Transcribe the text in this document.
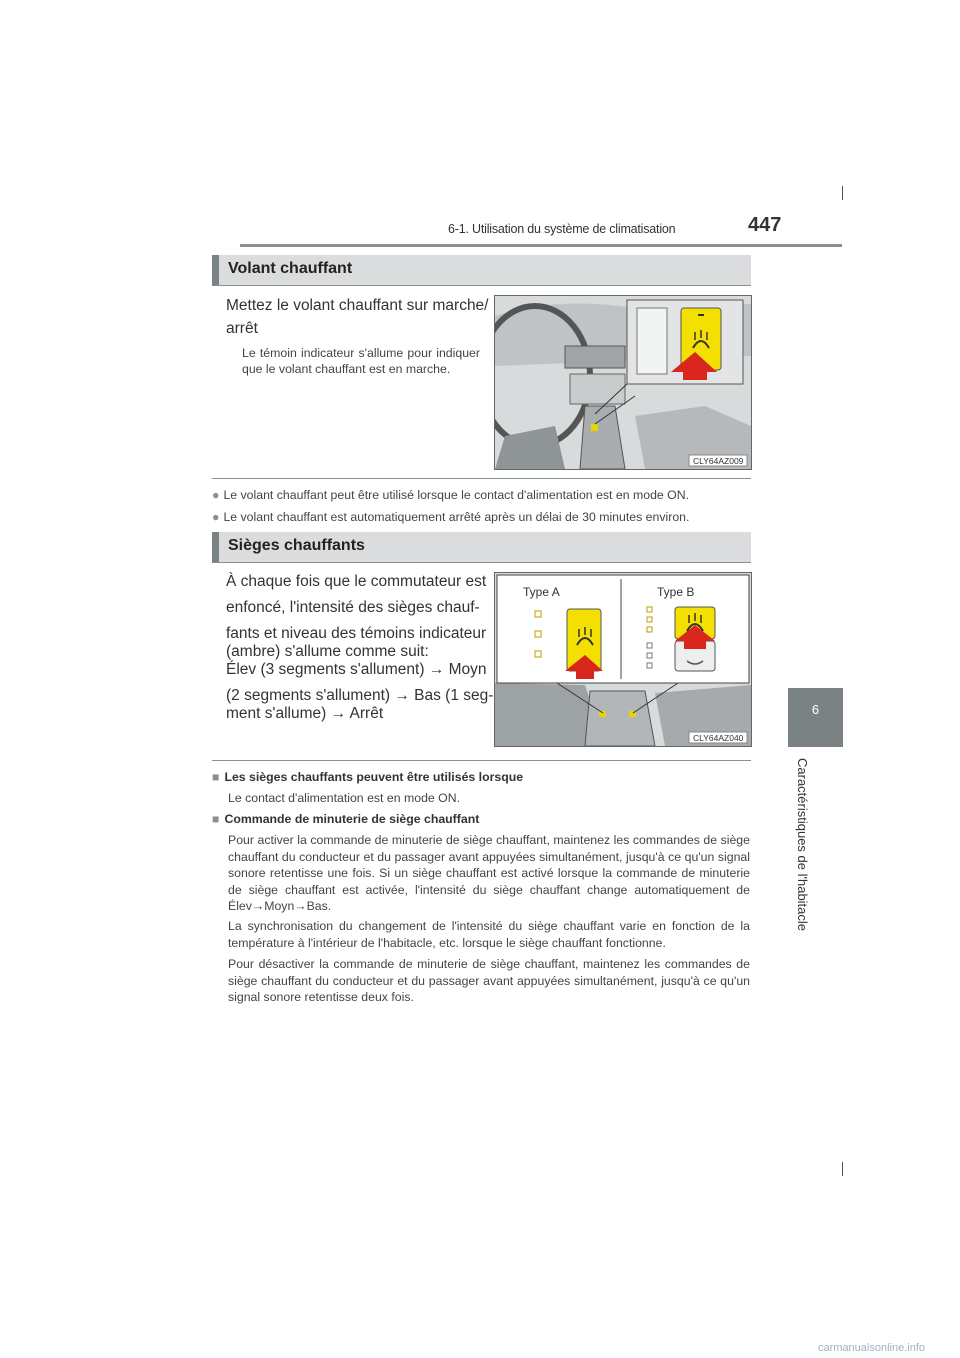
6-1. Utilisation du système de climatisation	447
6
Caractéristiques de l'habitacle
Volant chauffant
Mettez le volant chauffant sur marche/
arrêt
Le témoin indicateur s'allume pour indiquer que le volant chauffant est en marche.
CLY64AZ009
● Le volant chauffant peut être utilisé lorsque le contact d'alimentation est en mode ON.
● Le volant chauffant est automatiquement arrêté après un délai de 30 minutes environ.
Sièges chauffants
À chaque fois que le commutateur est
enfoncé, l'intensité des sièges chauf-
fants et niveau des témoins indicateur
(ambre) s'allume comme suit:
Élev (3 segments s'allument) → Moyn
(2 segments s'allument) → Bas (1 seg-
ment s'allume) → Arrêt
Type A	Type B
CLY64AZ040
■ Les sièges chauffants peuvent être utilisés lorsque
Le contact d'alimentation est en mode ON.
■ Commande de minuterie de siège chauffant
Pour activer la commande de minuterie de siège chauffant, maintenez les commandes de siège chauffant du conducteur et du passager avant appuyées simultanément, jusqu'à ce qu'un signal sonore retentisse une fois. Si un siège chauffant est activé lorsque la commande de minuterie de siège chauffant est activée, l'intensité du siège chauffant change automatiquement de Élev→Moyn→Bas.
La synchronisation du changement de l'intensité du siège chauffant varie en fonction de la température à l'intérieur de l'habitacle, etc. lorsque le siège chauffant fonctionne.
Pour désactiver la commande de minuterie de siège chauffant, maintenez les commandes de siège chauffant du conducteur et du passager avant appuyées simultanément, jusqu'à ce qu'un signal sonore retentisse deux fois.
carmanualsonline.info
